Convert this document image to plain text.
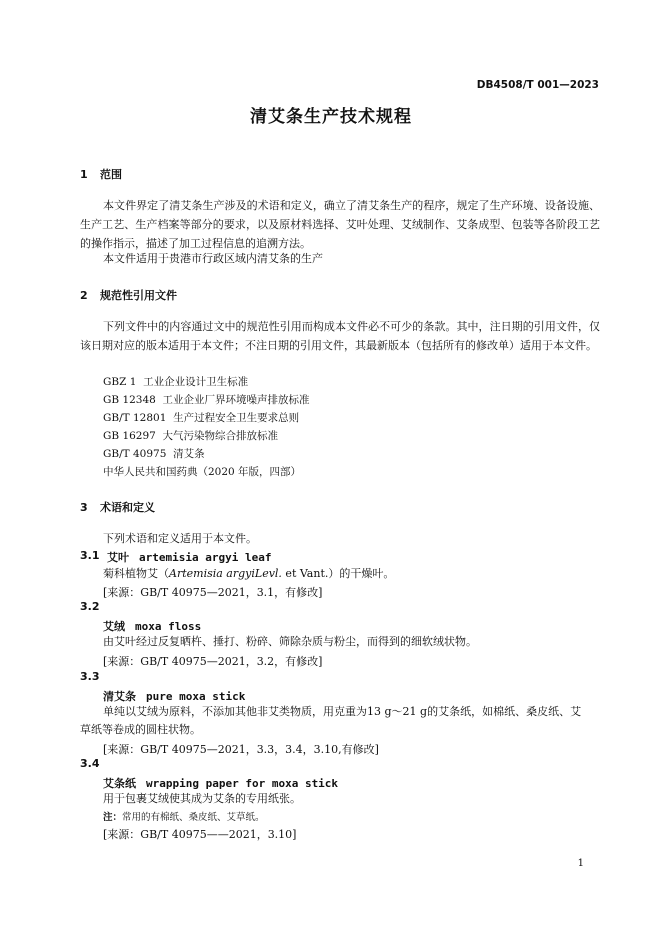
DB4508/T 001—2023
清艾条生产技术规程
1 范围
本文件界定了清艾条生产涉及的术语和定义，确立了清艾条生产的程序，规定了生产环境、设备设施、生产工艺、生产档案等部分的要求，以及原材料选择、艾叶处理、艾绒制作、艾条成型、包装等各阶段工艺的操作指示，描述了加工过程信息的追溯方法。
本文件适用于贵港市行政区域内清艾条的生产
2 规范性引用文件
下列文件中的内容通过文中的规范性引用而构成本文件必不可少的条款。其中，注日期的引用文件，仅该日期对应的版本适用于本文件；不注日期的引用文件，其最新版本（包括所有的修改单）适用于本文件。
GBZ 1 工业企业设计卫生标准
GB 12348 工业企业厂界环境噪声排放标准
GB/T 12801 生产过程安全卫生要求总则
GB 16297 大气污染物综合排放标准
GB/T 40975 清艾条
中华人民共和国药典（2020 年版，四部）
3 术语和定义
下列术语和定义适用于本文件。
3.1 艾叶 artemisia argyi leaf
菊科植物艾（Artemisia argyiLevl. et Vant.）的干燥叶。
[来源：GB/T 40975—2021，3.1，有修改]
3.2
艾绒 moxa floss
由艾叶经过反复晒杵、捶打、粉碎、筛除杂质与粉尘，而得到的细软绒状物。
[来源：GB/T 40975—2021，3.2，有修改]
3.3
清艾条 pure moxa stick
单纯以艾绒为原料，不添加其他非艾类物质，用克重为13 g～21 g的艾条纸，如棉纸、桑皮纸、艾
草纸等卷成的圆柱状物。
[来源：GB/T 40975—2021，3.3，3.4，3.10,有修改]
3.4
艾条纸 wrapping paper for moxa stick
用于包裹艾绒使其成为艾条的专用纸张。
注：常用的有棉纸、桑皮纸、艾草纸。
[来源：GB/T 40975——2021，3.10]
1
